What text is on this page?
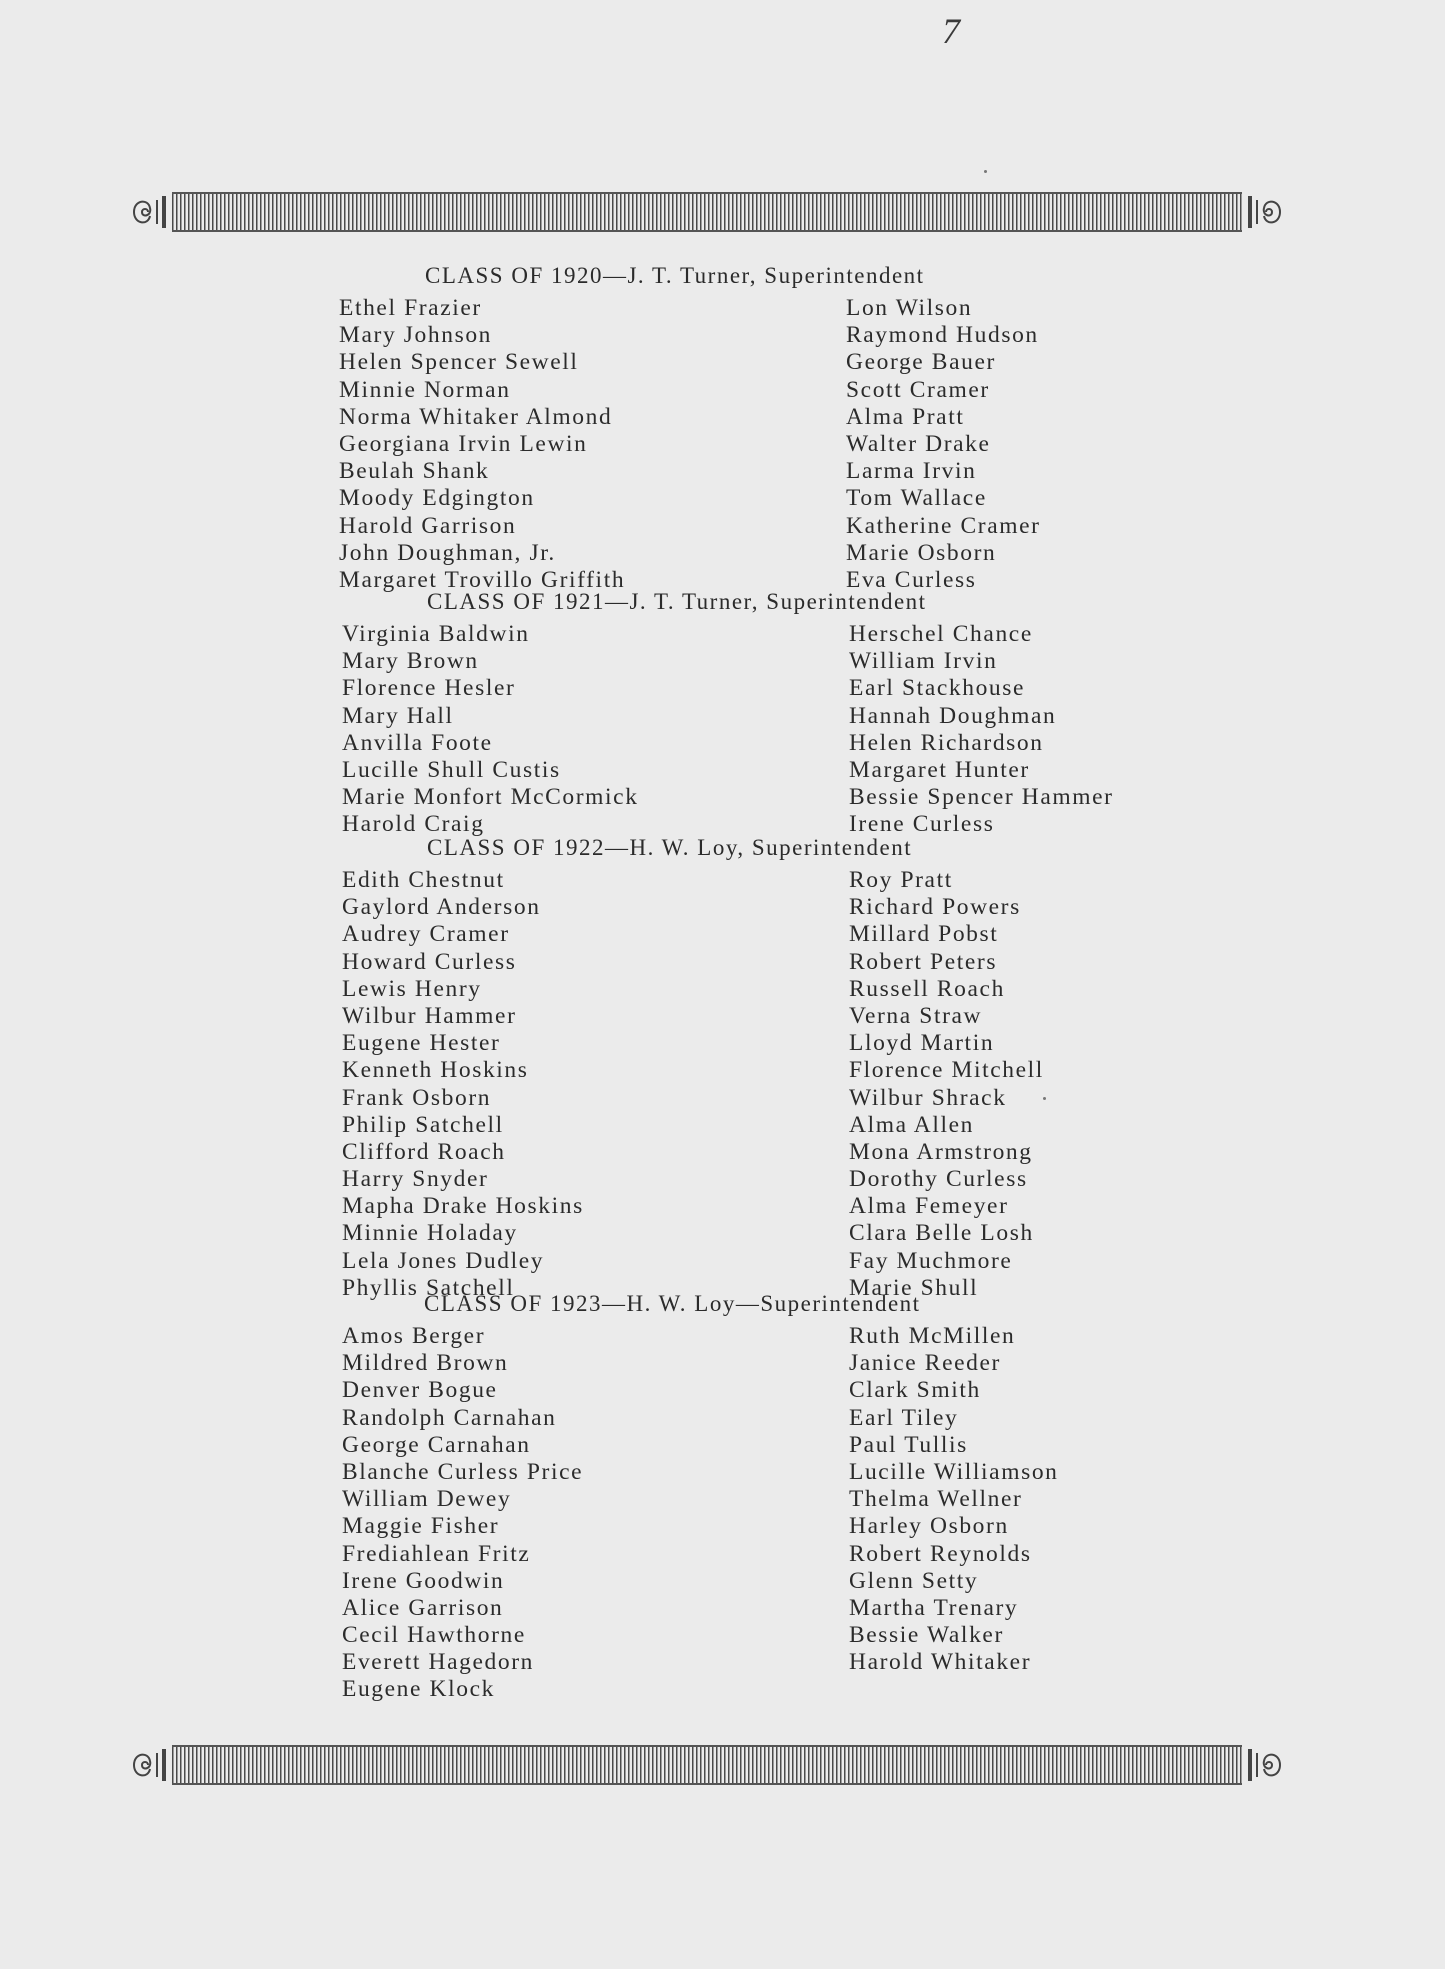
7
CLASS OF 1920—J. T. Turner, Superintendent
Ethel Frazier
Mary Johnson
Helen Spencer Sewell
Minnie Norman
Norma Whitaker Almond
Georgiana Irvin Lewin
Beulah Shank
Moody Edgington
Harold Garrison
John Doughman, Jr.
Margaret Trovillo Griffith
Lon Wilson
Raymond Hudson
George Bauer
Scott Cramer
Alma Pratt
Walter Drake
Larma Irvin
Tom Wallace
Katherine Cramer
Marie Osborn
Eva Curless
CLASS OF 1921—J. T. Turner, Superintendent
Virginia Baldwin
Mary Brown
Florence Hesler
Mary Hall
Anvilla Foote
Lucille Shull Custis
Marie Monfort McCormick
Harold Craig
Herschel Chance
William Irvin
Earl Stackhouse
Hannah Doughman
Helen Richardson
Margaret Hunter
Bessie Spencer Hammer
Irene Curless
CLASS OF 1922—H. W. Loy, Superintendent
Edith Chestnut
Gaylord Anderson
Audrey Cramer
Howard Curless
Lewis Henry
Wilbur Hammer
Eugene Hester
Kenneth Hoskins
Frank Osborn
Philip Satchell
Clifford Roach
Harry Snyder
Mapha Drake Hoskins
Minnie Holaday
Lela Jones Dudley
Phyllis Satchell
Roy Pratt
Richard Powers
Millard Pobst
Robert Peters
Russell Roach
Verna Straw
Lloyd Martin
Florence Mitchell
Wilbur Shrack
Alma Allen
Mona Armstrong
Dorothy Curless
Alma Femeyer
Clara Belle Losh
Fay Muchmore
Marie Shull
CLASS OF 1923—H. W. Loy—Superintendent
Amos Berger
Mildred Brown
Denver Bogue
Randolph Carnahan
George Carnahan
Blanche Curless Price
William Dewey
Maggie Fisher
Frediahlean Fritz
Irene Goodwin
Alice Garrison
Cecil Hawthorne
Everett Hagedorn
Eugene Klock
Ruth McMillen
Janice Reeder
Clark Smith
Earl Tiley
Paul Tullis
Lucille Williamson
Thelma Wellner
Harley Osborn
Robert Reynolds
Glenn Setty
Martha Trenary
Bessie Walker
Harold Whitaker
